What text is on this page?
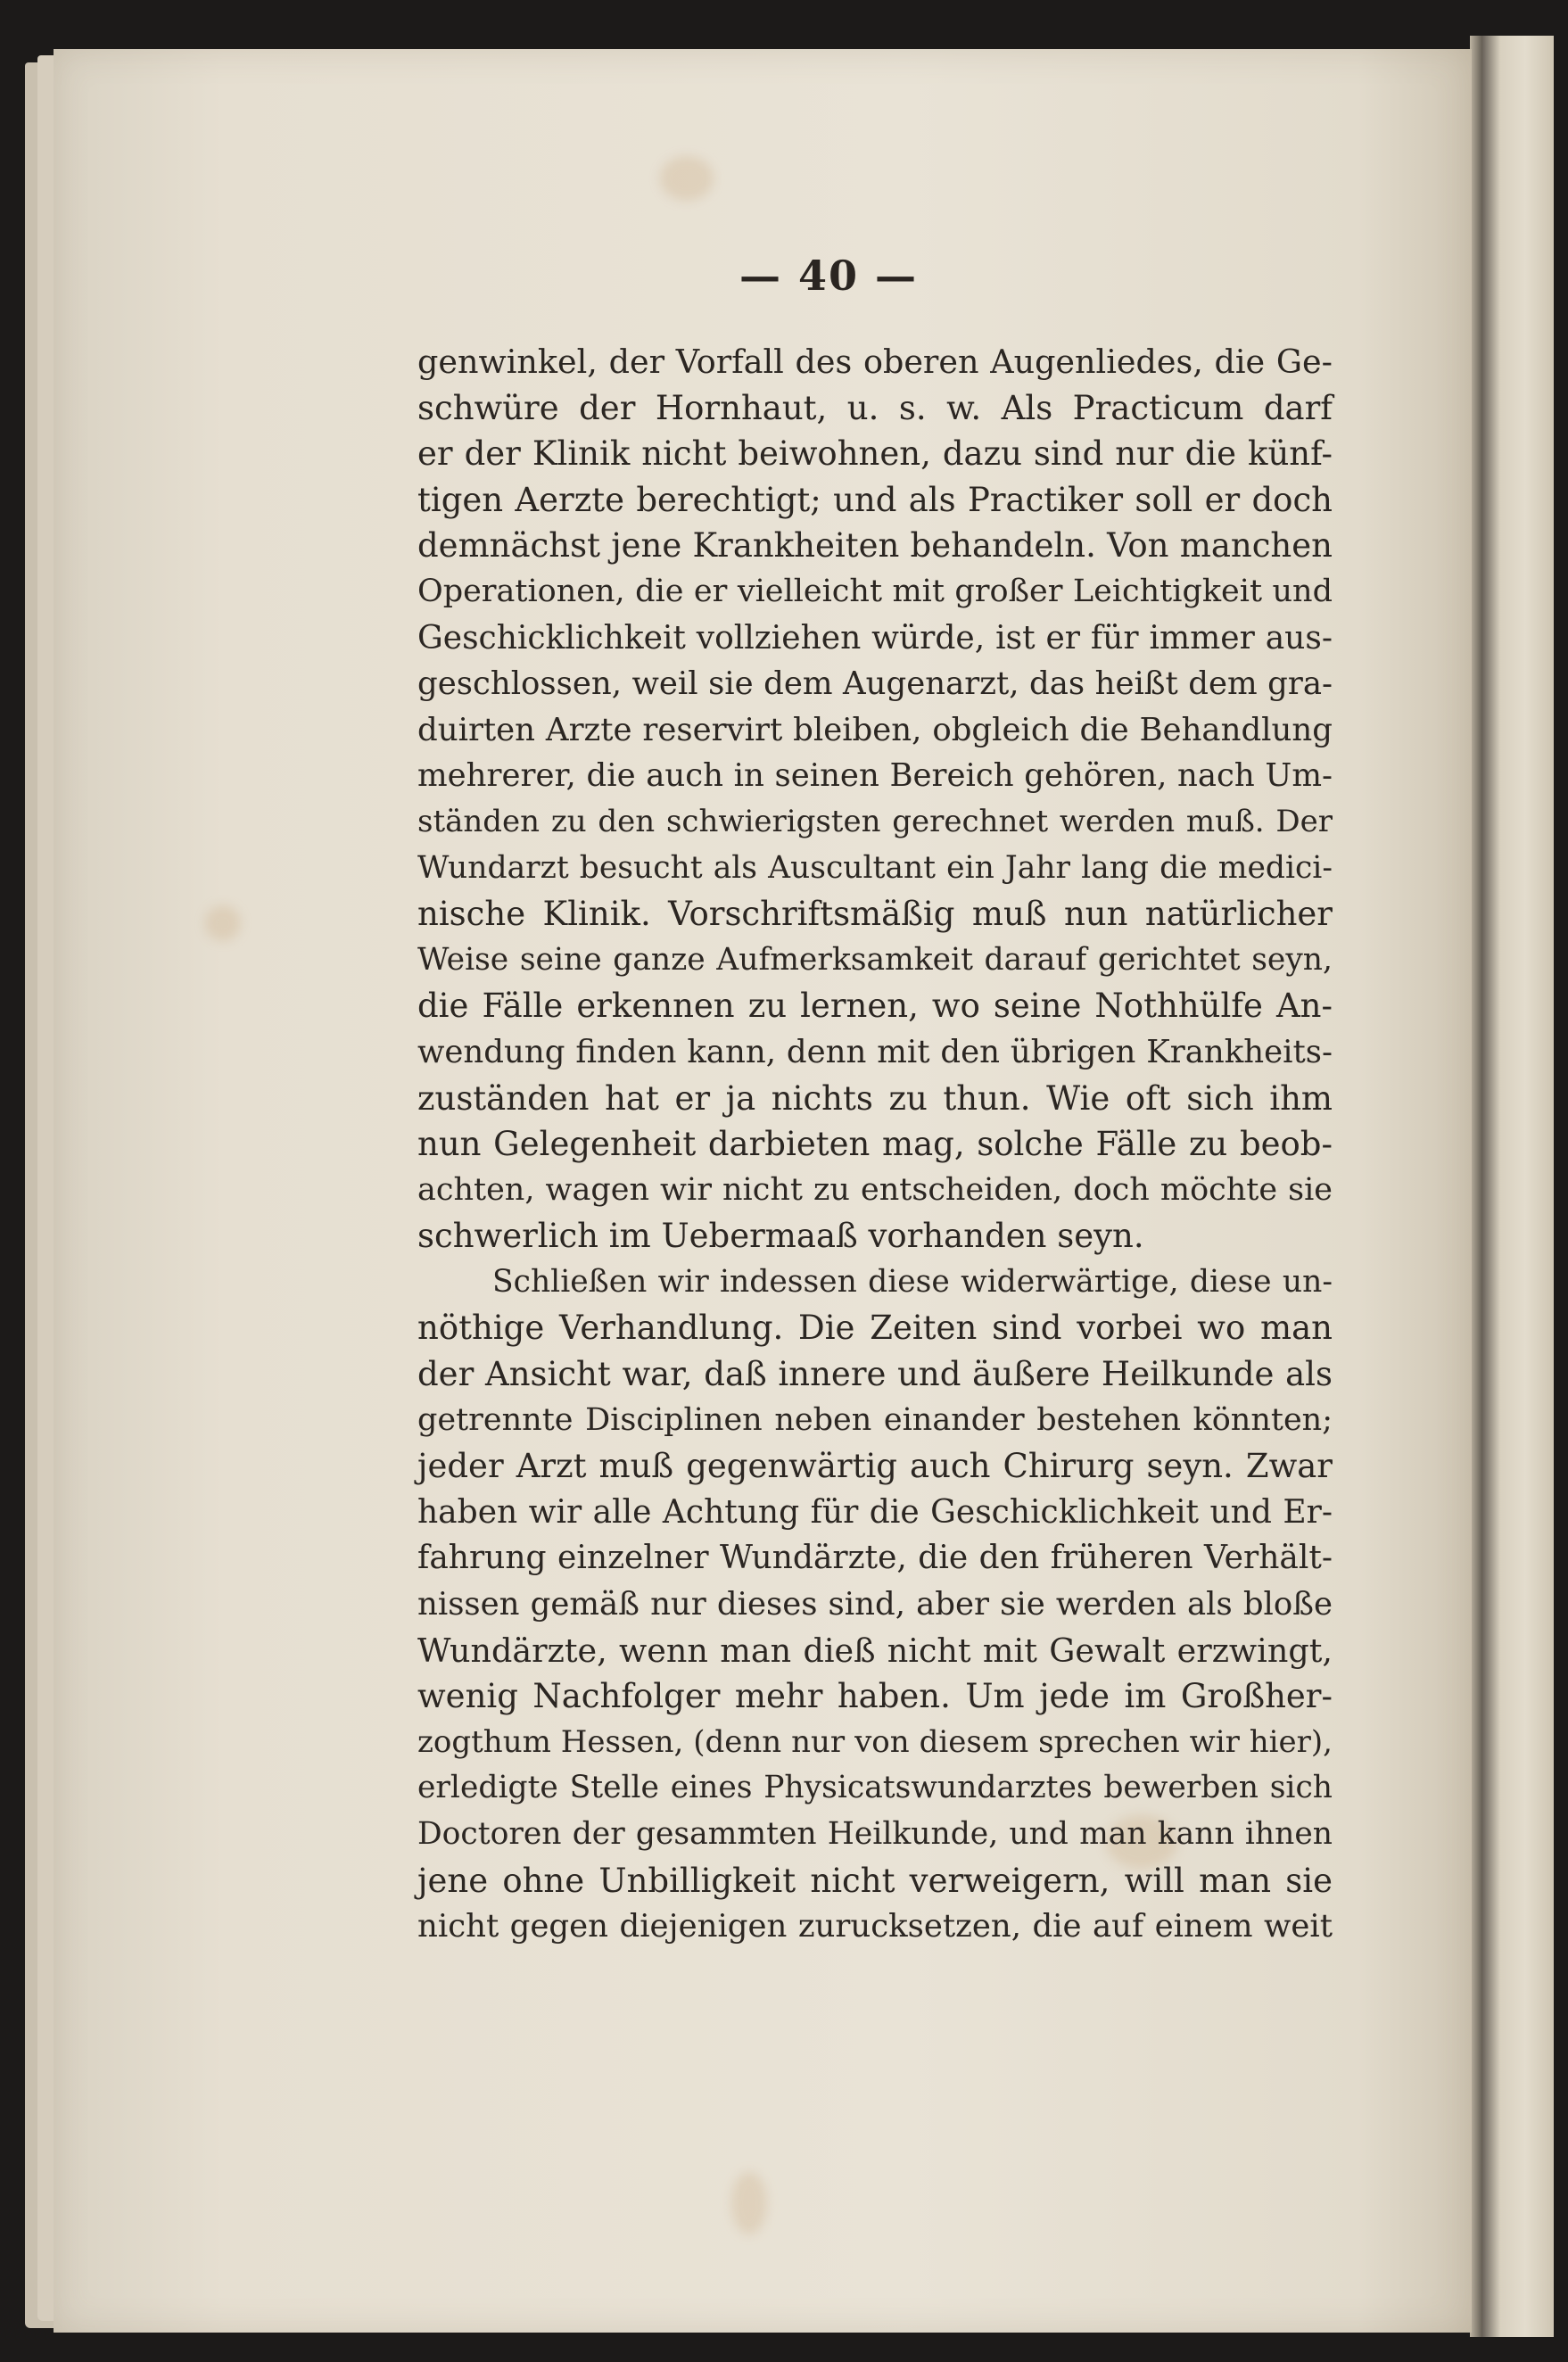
— 40 —
genwinkel, der Vorfall des oberen Augenliedes, die Ge-
schwüre der Hornhaut, u. s. w. Als Practicum darf
er der Klinik nicht beiwohnen, dazu sind nur die künf-
tigen Aerzte berechtigt; und als Practiker soll er doch
demnächst jene Krankheiten behandeln. Von manchen
Operationen, die er vielleicht mit großer Leichtigkeit und
Geschicklichkeit vollziehen würde, ist er für immer aus-
geschlossen, weil sie dem Augenarzt, das heißt dem gra-
duirten Arzte reservirt bleiben, obgleich die Behandlung
mehrerer, die auch in seinen Bereich gehören, nach Um-
ständen zu den schwierigsten gerechnet werden muß. Der
Wundarzt besucht als Auscultant ein Jahr lang die medici-
nische Klinik. Vorschriftsmäßig muß nun natürlicher
Weise seine ganze Aufmerksamkeit darauf gerichtet seyn,
die Fälle erkennen zu lernen, wo seine Nothhülfe An-
wendung finden kann, denn mit den übrigen Krankheits-
zuständen hat er ja nichts zu thun. Wie oft sich ihm
nun Gelegenheit darbieten mag, solche Fälle zu beob-
achten, wagen wir nicht zu entscheiden, doch möchte sie
schwerlich im Uebermaaß vorhanden seyn.
Schließen wir indessen diese widerwärtige, diese un-
nöthige Verhandlung. Die Zeiten sind vorbei wo man
der Ansicht war, daß innere und äußere Heilkunde als
getrennte Disciplinen neben einander bestehen könnten;
jeder Arzt muß gegenwärtig auch Chirurg seyn. Zwar
haben wir alle Achtung für die Geschicklichkeit und Er-
fahrung einzelner Wundärzte, die den früheren Verhält-
nissen gemäß nur dieses sind, aber sie werden als bloße
Wundärzte, wenn man dieß nicht mit Gewalt erzwingt,
wenig Nachfolger mehr haben. Um jede im Großher-
zogthum Hessen, (denn nur von diesem sprechen wir hier),
erledigte Stelle eines Physicatswundarztes bewerben sich
Doctoren der gesammten Heilkunde, und man kann ihnen
jene ohne Unbilligkeit nicht verweigern, will man sie
nicht gegen diejenigen zurucksetzen, die auf einem weit
